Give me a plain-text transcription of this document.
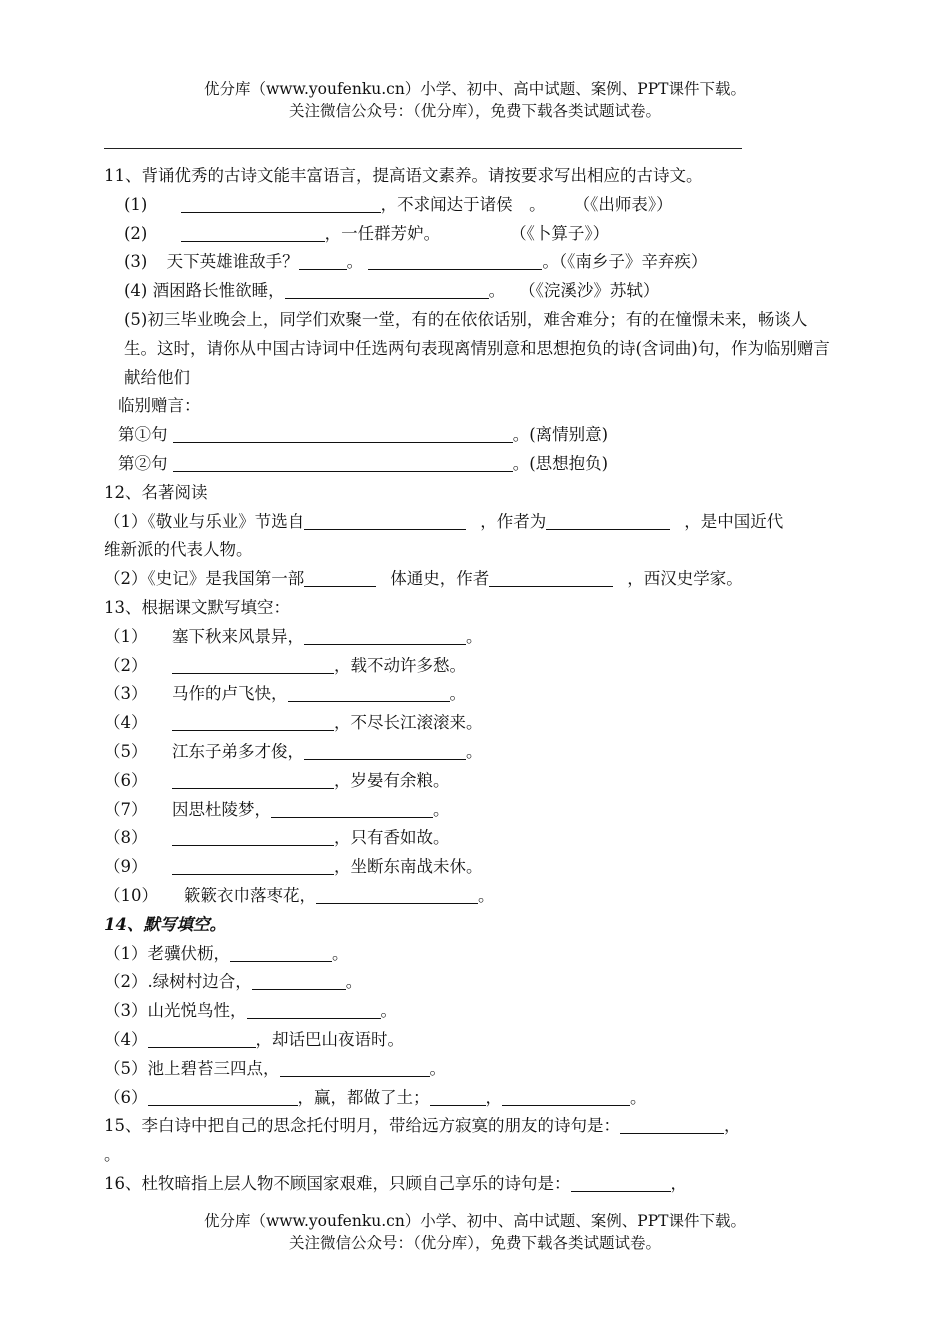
优分库（www.youfenku.cn）小学、初中、高中试题、案例、PPT课件下载。
关注微信公众号：（优分库），免费下载各类试题试卷。
11、背诵优秀的古诗文能丰富语言，提高语文素养。请按要求写出相应的古诗文。
(1)	，不求闻达于诸侯　。 （《出师表》）
(2)	，一任群芳妒。	（《卜算子》）
(3) 天下英雄谁敌手？	。	。（《南乡子》辛弃疾）
(4) 酒困路长惟欲睡，	。 （《浣溪沙》苏轼）
(5)初三毕业晚会上，同学们欢聚一堂，有的在依依话别，难舍难分；有的在憧憬未来，畅谈人生。这时，请你从中国古诗词中任选两句表现离情别意和思想抱负的诗(含词曲)句，作为临别赠言献给他们
临别赠言：
第①句	。(离情别意)
第②句	。(思想抱负)
12、名著阅读
（1）《敬业与乐业》节选自	，作者为	，是中国近代
维新派的代表人物。
（2）《史记》是我国第一部	体通史，作者	，西汉史学家。
13、根据课文默写填空：
（1） 塞下秋来风景异，	。
（2）	，载不动许多愁。
（3） 马作的卢飞快，	。
（4）	，不尽长江滚滚来。
（5） 江东子弟多才俊，	。
（6）	，岁晏有余粮。
（7） 因思杜陵梦，	。
（8）	，只有香如故。
（9）	，坐断东南战未休。
（10） 簌簌衣巾落枣花，	。
14、默写填空。
（1）老骥伏枥，	。
（2）.绿树村边合，	。
（3）山光悦鸟性，	。
（4）	，却话巴山夜语时。
（5）池上碧苔三四点，	。
（6）	，赢，都做了土；	，	。
15、李白诗中把自己的思念托付明月，带给远方寂寞的朋友的诗句是：	，
。
16、杜牧暗指上层人物不顾国家艰难，只顾自己享乐的诗句是：	，
优分库（www.youfenku.cn）小学、初中、高中试题、案例、PPT课件下载。
关注微信公众号：（优分库），免费下载各类试题试卷。
